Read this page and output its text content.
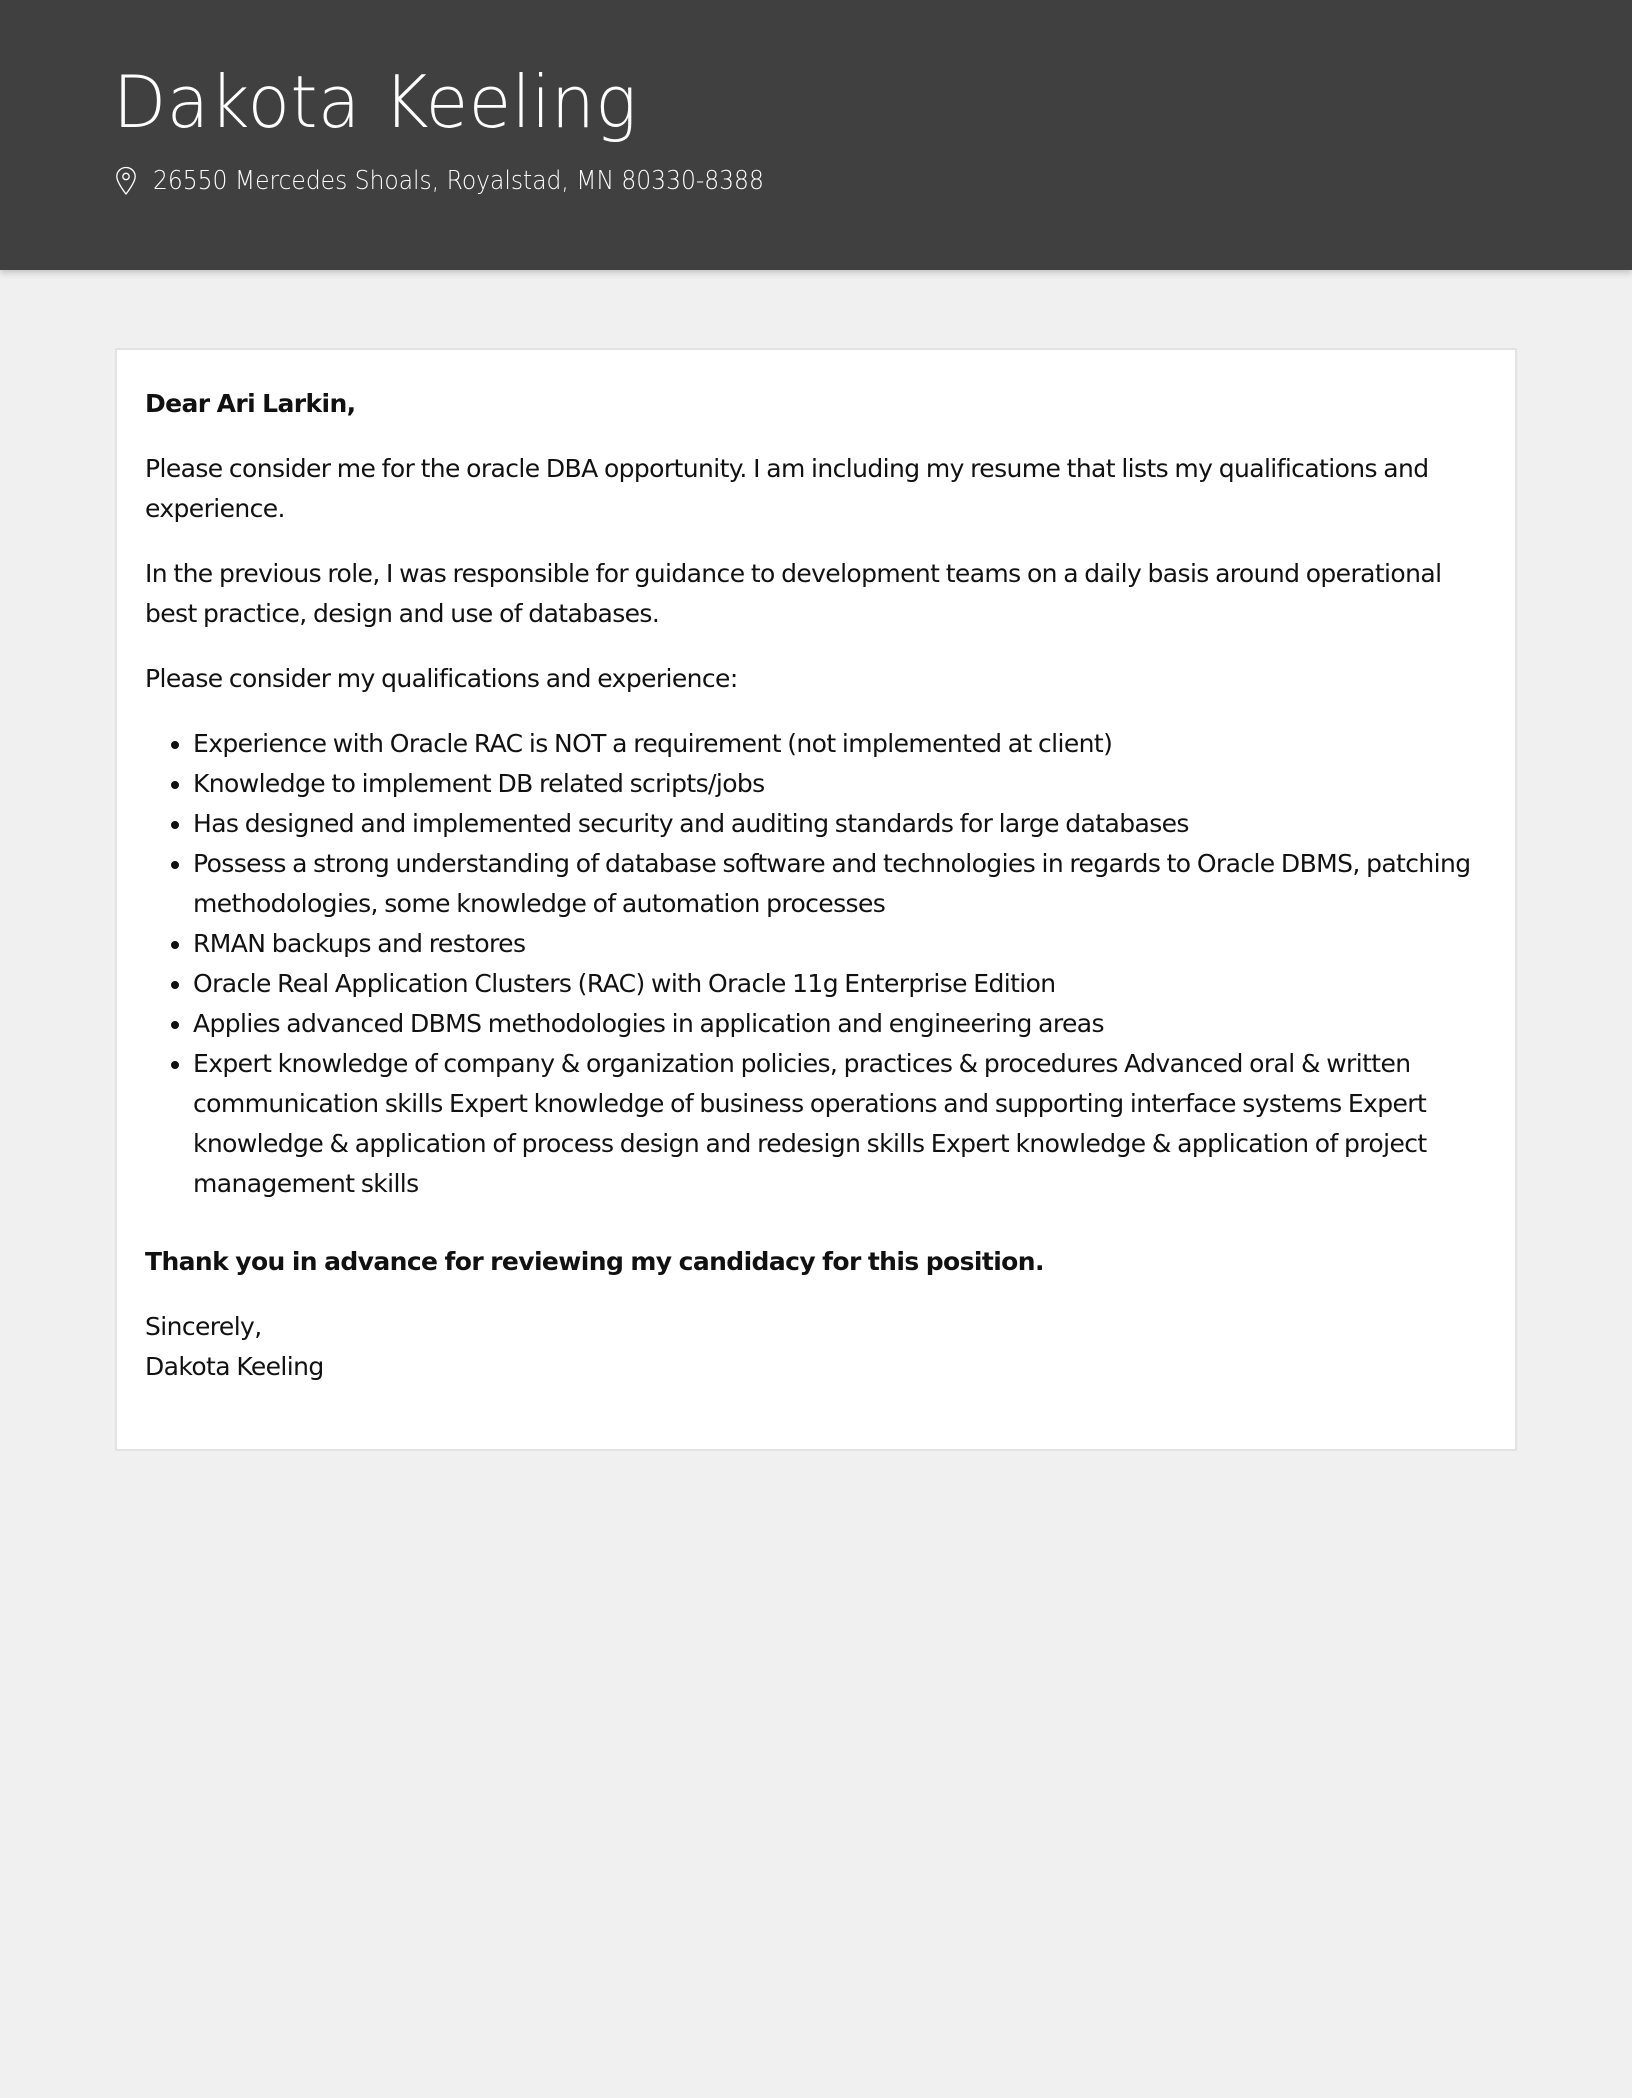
Dakota Keeling
26550 Mercedes Shoals, Royalstad, MN 80330-8388

Dear Ari Larkin,

Please consider me for the oracle DBA opportunity. I am including my resume that lists my qualifications and experience.

In the previous role, I was responsible for guidance to development teams on a daily basis around operational best practice, design and use of databases.

Please consider my qualifications and experience:

Experience with Oracle RAC is NOT a requirement (not implemented at client)
Knowledge to implement DB related scripts/jobs
Has designed and implemented security and auditing standards for large databases
Possess a strong understanding of database software and technologies in regards to Oracle DBMS, patching methodologies, some knowledge of automation processes
RMAN backups and restores
Oracle Real Application Clusters (RAC) with Oracle 11g Enterprise Edition
Applies advanced DBMS methodologies in application and engineering areas
Expert knowledge of company & organization policies, practices & procedures Advanced oral & written communication skills Expert knowledge of business operations and supporting interface systems Expert knowledge & application of process design and redesign skills Expert knowledge & application of project management skills

Thank you in advance for reviewing my candidacy for this position.

Sincerely,
Dakota Keeling
